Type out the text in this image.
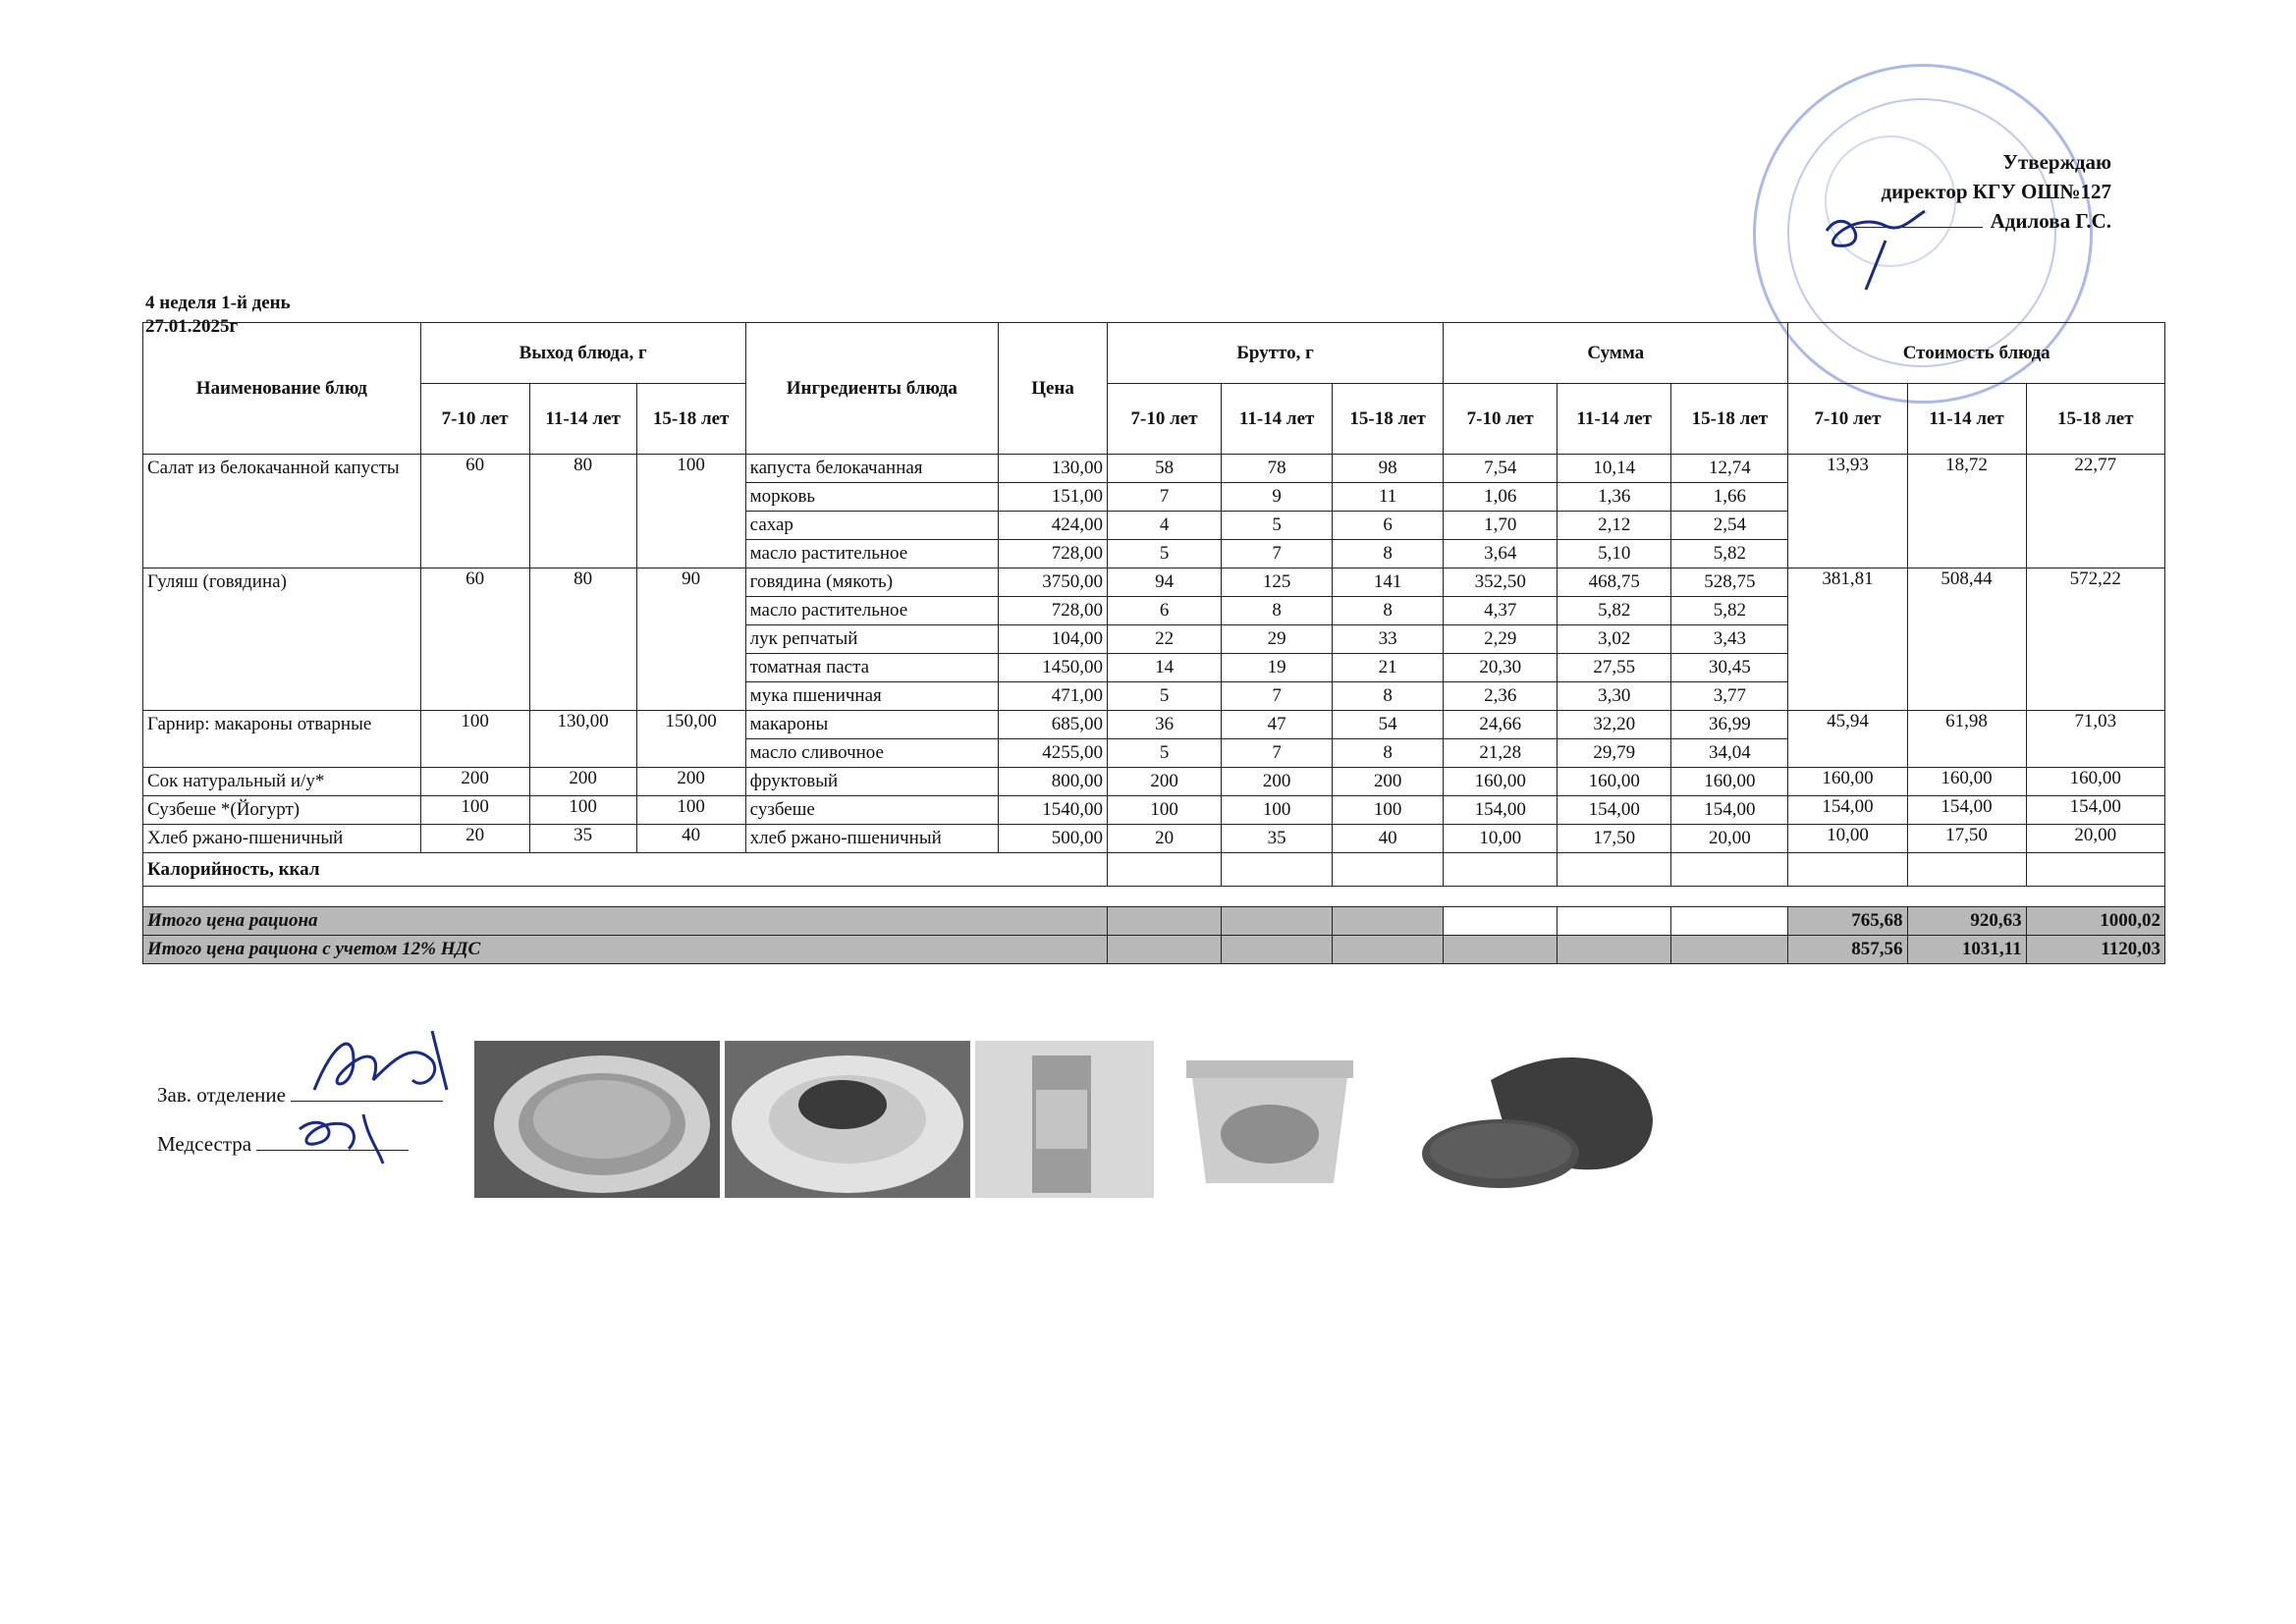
Утверждаю
директор КГУ ОШ№127
Адилова Г.С.
4 неделя 1-й день
27.01.2025г
Наименование блюд	Выход блюда, г			Ингредиенты блюда	Цена	Брутто, г			Сумма			Стоимость блюда		
	7-10 лет	11-14 лет	15-18 лет			7-10 лет	11-14 лет	15-18 лет	7-10 лет	11-14 лет	15-18 лет	7-10 лет	11-14 лет	15-18 лет
Салат из белокачанной капусты	60	80	100	капуста белокачанная	130,00	58	78	98	7,54	10,14	12,74	13,93	18,72	22,77
				морковь	151,00	7	9	11	1,06	1,36	1,66			
				сахар	424,00	4	5	6	1,70	2,12	2,54			
				масло растительное	728,00	5	7	8	3,64	5,10	5,82			
Гуляш (говядина)	60	80	90	говядина (мякоть)	3750,00	94	125	141	352,50	468,75	528,75	381,81	508,44	572,22
				масло растительное	728,00	6	8	8	4,37	5,82	5,82			
				лук репчатый	104,00	22	29	33	2,29	3,02	3,43			
				томатная паста	1450,00	14	19	21	20,30	27,55	30,45			
				мука пшеничная	471,00	5	7	8	2,36	3,30	3,77			
Гарнир: макароны отварные	100	130,00	150,00	макароны	685,00	36	47	54	24,66	32,20	36,99	45,94	61,98	71,03
				масло сливочное	4255,00	5	7	8	21,28	29,79	34,04			
Сок натуральный и/у*	200	200	200	фруктовый	800,00	200	200	200	160,00	160,00	160,00	160,00	160,00	160,00
Сузбеше *(Йогурт)	100	100	100	сузбеше	1540,00	100	100	100	154,00	154,00	154,00	154,00	154,00	154,00
Хлеб ржано-пшеничный	20	35	40	хлеб ржано-пшеничный	500,00	20	35	40	10,00	17,50	20,00	10,00	17,50	20,00
Калорийность, ккал														

Итого цена рациона												765,68	920,63	1000,02
Итого цена рациона с учетом 12% НДС												857,56	1031,11	1120,03
Зав. отделение
Медсестра
